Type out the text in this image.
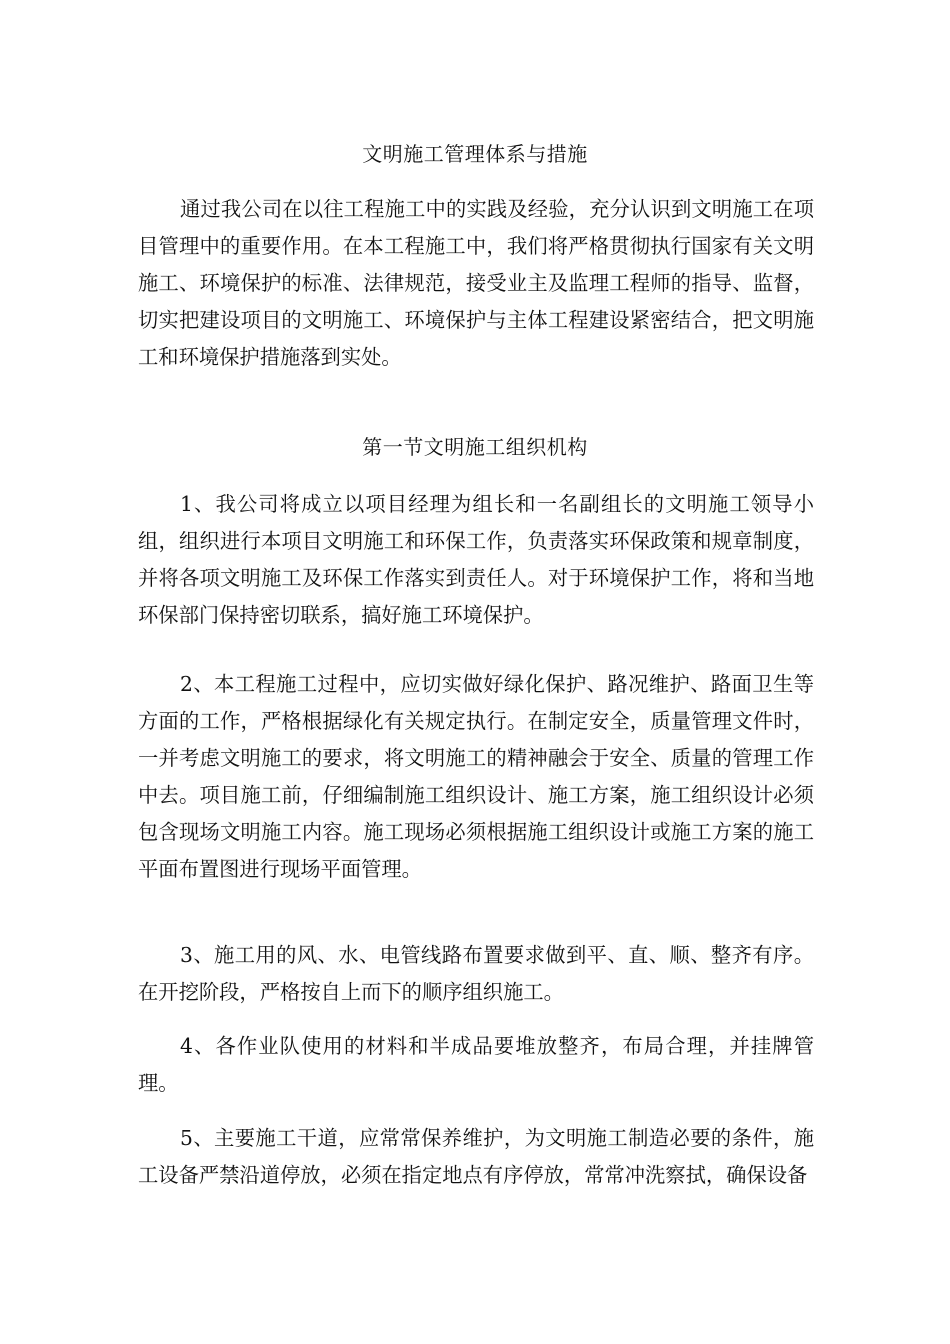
文明施工管理体系与措施

通过我公司在以往工程施工中的实践及经验，充分认识到文明施工在项目管理中的重要作用。在本工程施工中，我们将严格贯彻执行国家有关文明施工、环境保护的标准、法律规范，接受业主及监理工程师的指导、监督，切实把建设项目的文明施工、环境保护与主体工程建设紧密结合，把文明施工和环境保护措施落到实处。

第一节文明施工组织机构

1、我公司将成立以项目经理为组长和一名副组长的文明施工领导小组，组织进行本项目文明施工和环保工作，负责落实环保政策和规章制度，并将各项文明施工及环保工作落实到责任人。对于环境保护工作，将和当地环保部门保持密切联系，搞好施工环境保护。

2、本工程施工过程中，应切实做好绿化保护、路况维护、路面卫生等方面的工作，严格根据绿化有关规定执行。在制定安全，质量管理文件时，一并考虑文明施工的要求，将文明施工的精神融会于安全、质量的管理工作中去。项目施工前，仔细编制施工组织设计、施工方案，施工组织设计必须包含现场文明施工内容。施工现场必须根据施工组织设计或施工方案的施工平面布置图进行现场平面管理。

3、施工用的风、水、电管线路布置要求做到平、直、顺、整齐有序。在开挖阶段，严格按自上而下的顺序组织施工。

4、各作业队使用的材料和半成品要堆放整齐，布局合理，并挂牌管理。

5、主要施工干道，应常常保养维护，为文明施工制造必要的条件，施工设备严禁沿道停放，必须在指定地点有序停放，常常冲洗察拭，确保设备
